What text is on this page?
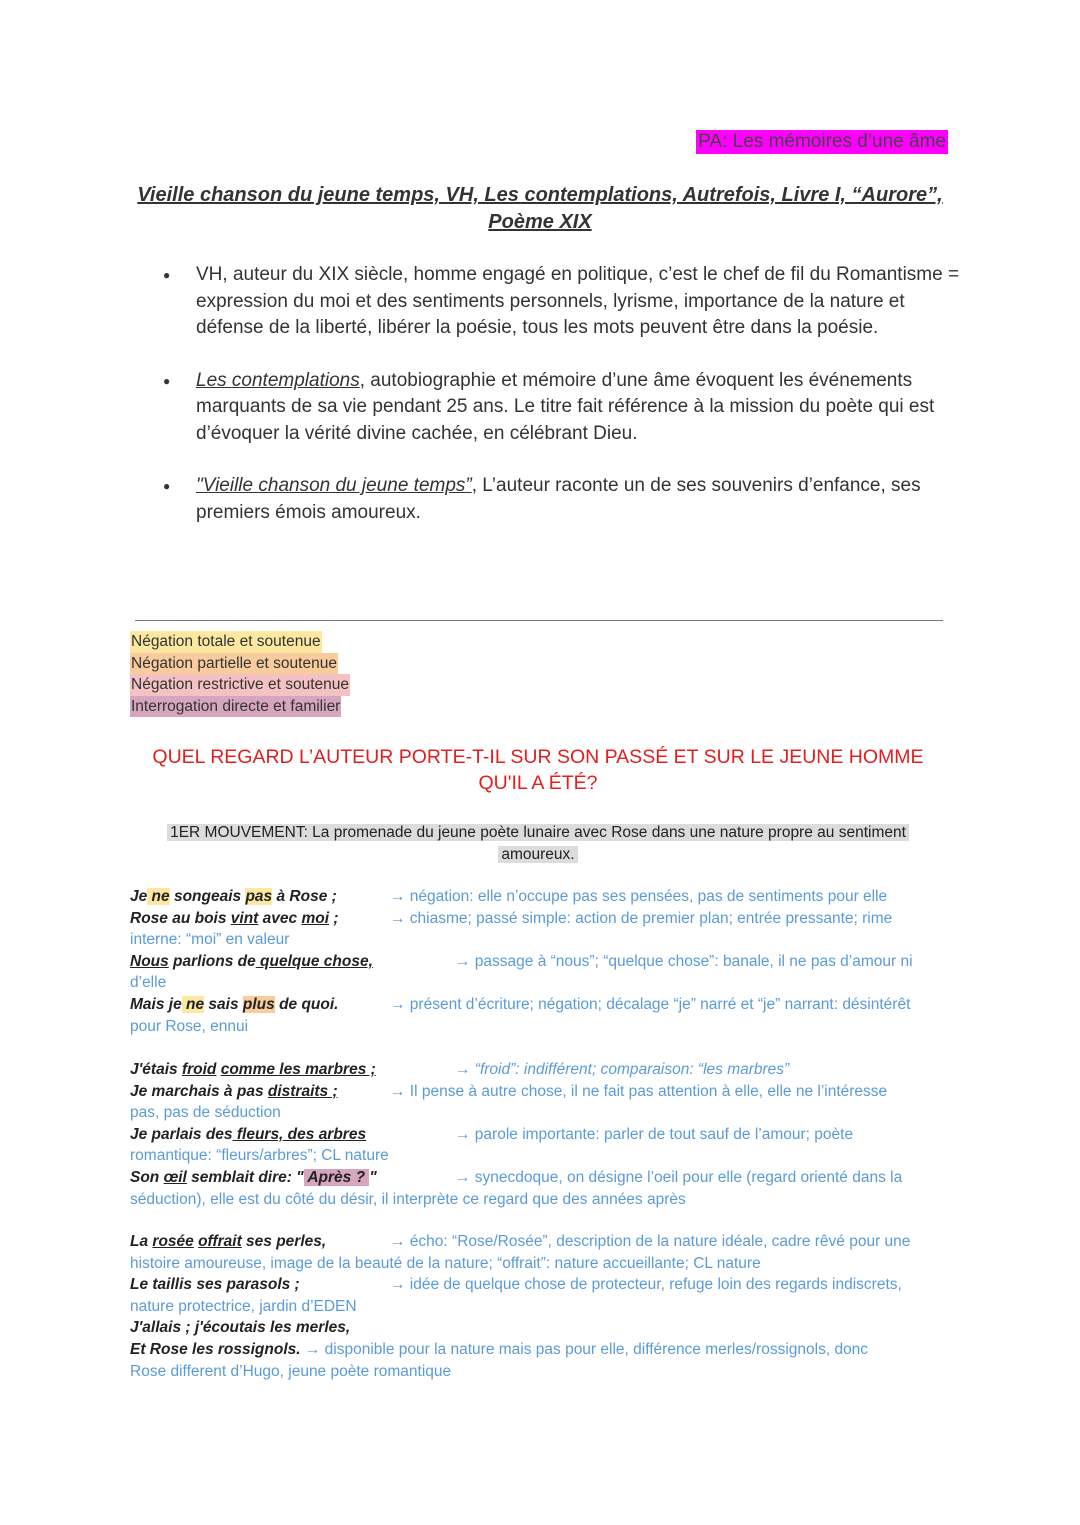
PA: Les mémoires d’une âme
Vieille chanson du jeune temps, VH, Les contemplations, Autrefois, Livre I, “Aurore”,
Poème XIX
● VH, auteur du XIX siècle, homme engagé en politique, c’est le chef de fil du Romantisme = expression du moi et des sentiments personnels, lyrisme, importance de la nature et défense de la liberté, libérer la poésie, tous les mots peuvent être dans la poésie.
● Les contemplations, autobiographie et mémoire d’une âme évoquent les événements marquants de sa vie pendant 25 ans. Le titre fait référence à la mission du poète qui est d’évoquer la vérité divine cachée, en célébrant Dieu.
● "Vieille chanson du jeune temps”, L’auteur raconte un de ses souvenirs d’enfance, ses premiers émois amoureux.
Négation totale et soutenue
Négation partielle et soutenue
Négation restrictive et soutenue
Interrogation directe et familier
QUEL REGARD L’AUTEUR PORTE-T-IL SUR SON PASSÉ ET SUR LE JEUNE HOMME
QU'IL A ÉTÉ?
1ER MOUVEMENT: La promenade du jeune poète lunaire avec Rose dans une nature propre au sentiment
amoureux.
Je ne songeais pas à Rose ;	→ négation: elle n’occupe pas ses pensées, pas de sentiments pour elle
Rose au bois vint avec moi ;	→ chiasme; passé simple: action de premier plan; entrée pressante; rime
interne: “moi” en valeur
Nous parlions de quelque chose,	→ passage à “nous”; “quelque chose”: banale, il ne pas d’amour ni
d’elle
Mais je ne sais plus de quoi.	→ présent d’écriture; négation; décalage “je” narré et “je” narrant: désintérêt
pour Rose, ennui
J'étais froid comme les marbres ;	→ “froid”: indifférent; comparaison: “les marbres”
Je marchais à pas distraits ;	→ Il pense à autre chose, il ne fait pas attention à elle, elle ne l’intéresse
pas, pas de séduction
Je parlais des fleurs, des arbres	→ parole importante: parler de tout sauf de l’amour; poète
romantique: “fleurs/arbres”; CL nature
Son œil semblait dire: " Après ? "	→ synecdoque, on désigne l’oeil pour elle (regard orienté dans la
séduction), elle est du côté du désir, il interprète ce regard que des années après
La rosée offrait ses perles,	→ écho: “Rose/Rosée”, description de la nature idéale, cadre rêvé pour une
histoire amoureuse, image de la beauté de la nature; “offrait”: nature accueillante; CL nature
Le taillis ses parasols ;	→ idée de quelque chose de protecteur, refuge loin des regards indiscrets,
nature protectrice, jardin d’EDEN
J'allais ; j'écoutais les merles,
Et Rose les rossignols. → disponible pour la nature mais pas pour elle, différence merles/rossignols, donc
Rose different d’Hugo, jeune poète romantique
